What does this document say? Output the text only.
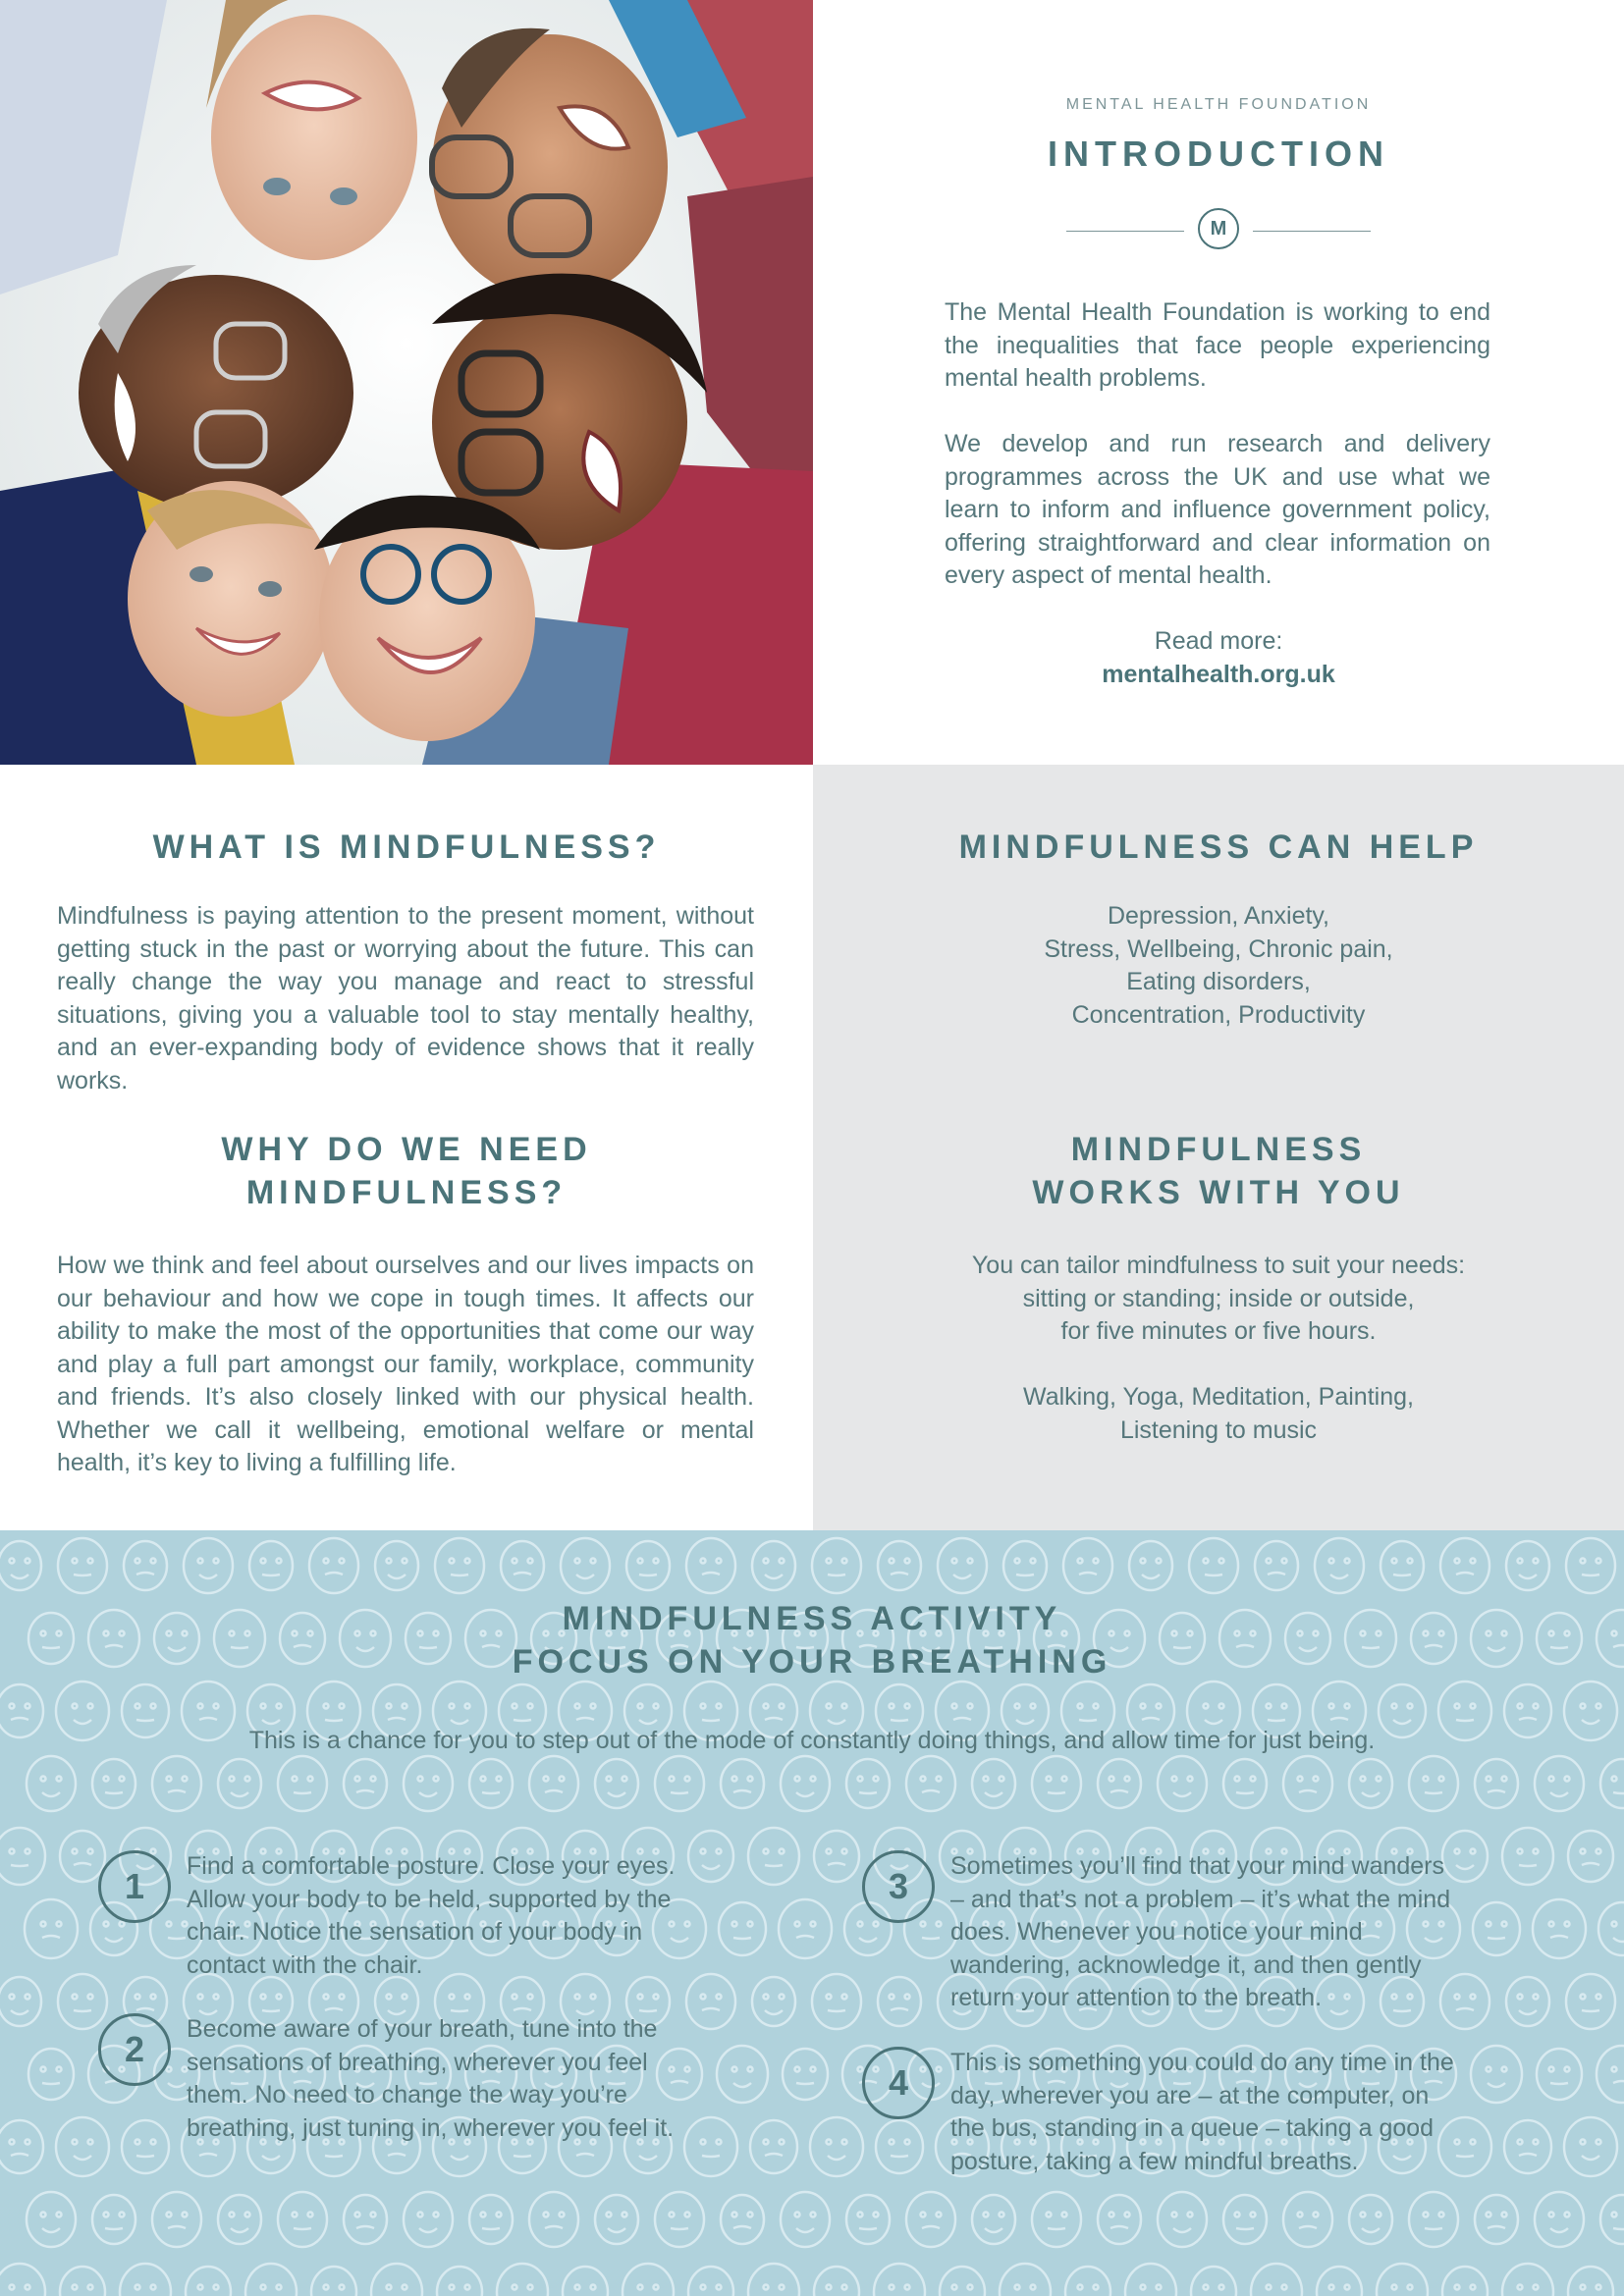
MENTAL HEALTH FOUNDATION
INTRODUCTION
M

The Mental Health Foundation is working to end the inequalities that face people experiencing mental health problems.

We develop and run research and delivery programmes across the UK and use what we learn to inform and influence government policy, offering straightforward and clear information on every aspect of mental health.

Read more:
mentalhealth.org.uk
WHAT IS MINDFULNESS?

Mindfulness is paying attention to the present moment, without getting stuck in the past or worrying about the future. This can really change the way you manage and react to stressful situations, giving you a valuable tool to stay mentally healthy, and an ever-expanding body of evidence shows that it really works.

WHY DO WE NEED
MINDFULNESS?

How we think and feel about ourselves and our lives impacts on our behaviour and how we cope in tough times. It affects our ability to make the most of the opportunities that come our way and play a full part amongst our family, workplace, community and friends. It’s also closely linked with our physical health. Whether we call it wellbeing, emotional welfare or mental health, it’s key to living a fulfilling life.

MINDFULNESS CAN HELP
Depression, Anxiety,
Stress, Wellbeing, Chronic pain,
Eating disorders,
Concentration, Productivity
MINDFULNESS
WORKS WITH YOU
You can tailor mindfulness to suit your needs:
sitting or standing; inside or outside,
for five minutes or five hours.
Walking, Yoga, Meditation, Painting,
Listening to music
MINDFULNESS ACTIVITY
FOCUS ON YOUR BREATHING
This is a chance for you to step out of the mode of constantly doing things, and allow time for just being.
1	Find a comfortable posture. Close your eyes. Allow your body to be held, supported by the chair. Notice the sensation of your body in contact with the chair.
2	Become aware of your breath, tune into the sensations of breathing, wherever you feel them. No need to change the way you’re breathing, just tuning in, wherever you feel it.
3	Sometimes you’ll find that your mind wanders – and that’s not a problem – it’s what the mind does. Whenever you notice your mind wandering, acknowledge it, and then gently return your attention to the breath.
4	This is something you could do any time in the day, wherever you are – at the computer, on the bus, standing in a queue – taking a good posture, taking a few mindful breaths.
